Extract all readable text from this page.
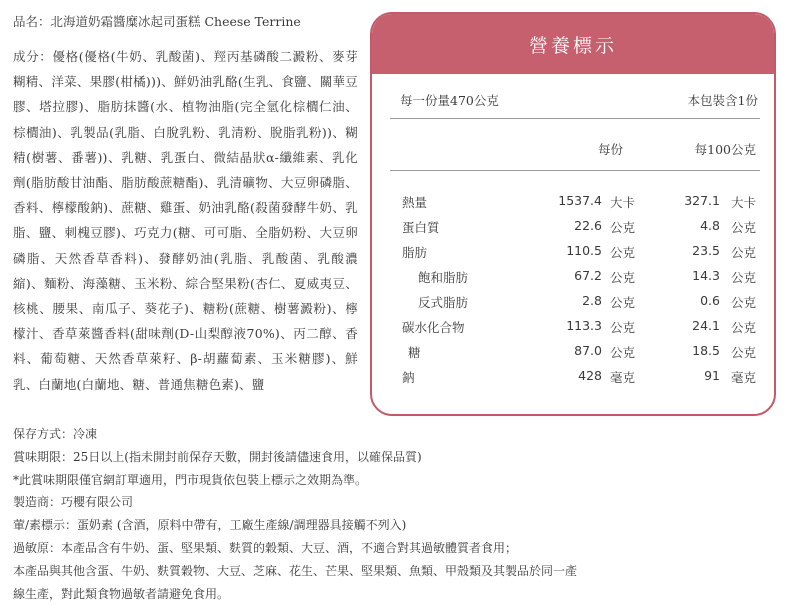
品名：北海道奶霜醬糜冰起司蛋糕 Cheese Terrine
成分：優格(優格(牛奶、乳酸菌)、羥丙基磷酸二澱粉、麥芽糊精、洋菜、果膠(柑橘)))、鮮奶油乳酪(生乳、食鹽、關華豆膠、塔拉膠)、脂肪抹醬(水、植物油脂(完全氫化棕櫚仁油、棕櫚油)、乳製品(乳脂、白脫乳粉、乳清粉、脫脂乳粉))、糊精(樹薯、番薯))、乳糖、乳蛋白、微結晶狀α-纖維素、乳化劑(脂肪酸甘油酯、脂肪酸蔗糖酯)、乳清礦物、大豆卵磷脂、香料、檸檬酸鈉)、蔗糖、雞蛋、奶油乳酪(殺菌發酵牛奶、乳脂、鹽、刺槐豆膠)、巧克力(糖、可可脂、全脂奶粉、大豆卵磷脂、天然香草香料)、發酵奶油(乳脂、乳酸菌、乳酸濃縮)、麵粉、海藻糖、玉米粉、綜合堅果粉(杏仁、夏威夷豆、核桃、腰果、南瓜子、葵花子)、糖粉(蔗糖、樹薯澱粉)、檸檬汁、香草萊醬香料(甜味劑(D-山梨醇液70%)、丙二醇、香料、葡萄糖、天然香草萊籽、β-胡蘿蔔素、玉米糖膠)、鮮乳、白蘭地(白蘭地、糖、普通焦糖色素)、鹽
營養標示
每一份量470公克	本包裝含1份
每份	每100公克
熱量	1537.4 大卡	327.1 大卡
蛋白質	22.6 公克	4.8 公克
脂肪	110.5 公克	23.5 公克
飽和脂肪	67.2 公克	14.3 公克
反式脂肪	2.8 公克	0.6 公克
碳水化合物	113.3 公克	24.1 公克
糖	87.0 公克	18.5 公克
鈉	428 毫克	91 毫克
保存方式：冷凍
賞味期限：25日以上(指未開封前保存天數，開封後請儘速食用，以確保品質)
*此賞味期限僅官網訂單適用，門市現貨依包裝上標示之效期為準。
製造商：巧櫻有限公司
葷/素標示：蛋奶素 (含酒，原料中帶有，工廠生產線/調理器具接觸不列入)
過敏原：本產品含有牛奶、蛋、堅果類、麩質的穀類、大豆、酒，不適合對其過敏體質者食用；
本產品與其他含蛋、牛奶、麩質穀物、大豆、芝麻、花生、芒果、堅果類、魚類、甲殼類及其製品於同一產
線生產，對此類食物過敏者請避免食用。
